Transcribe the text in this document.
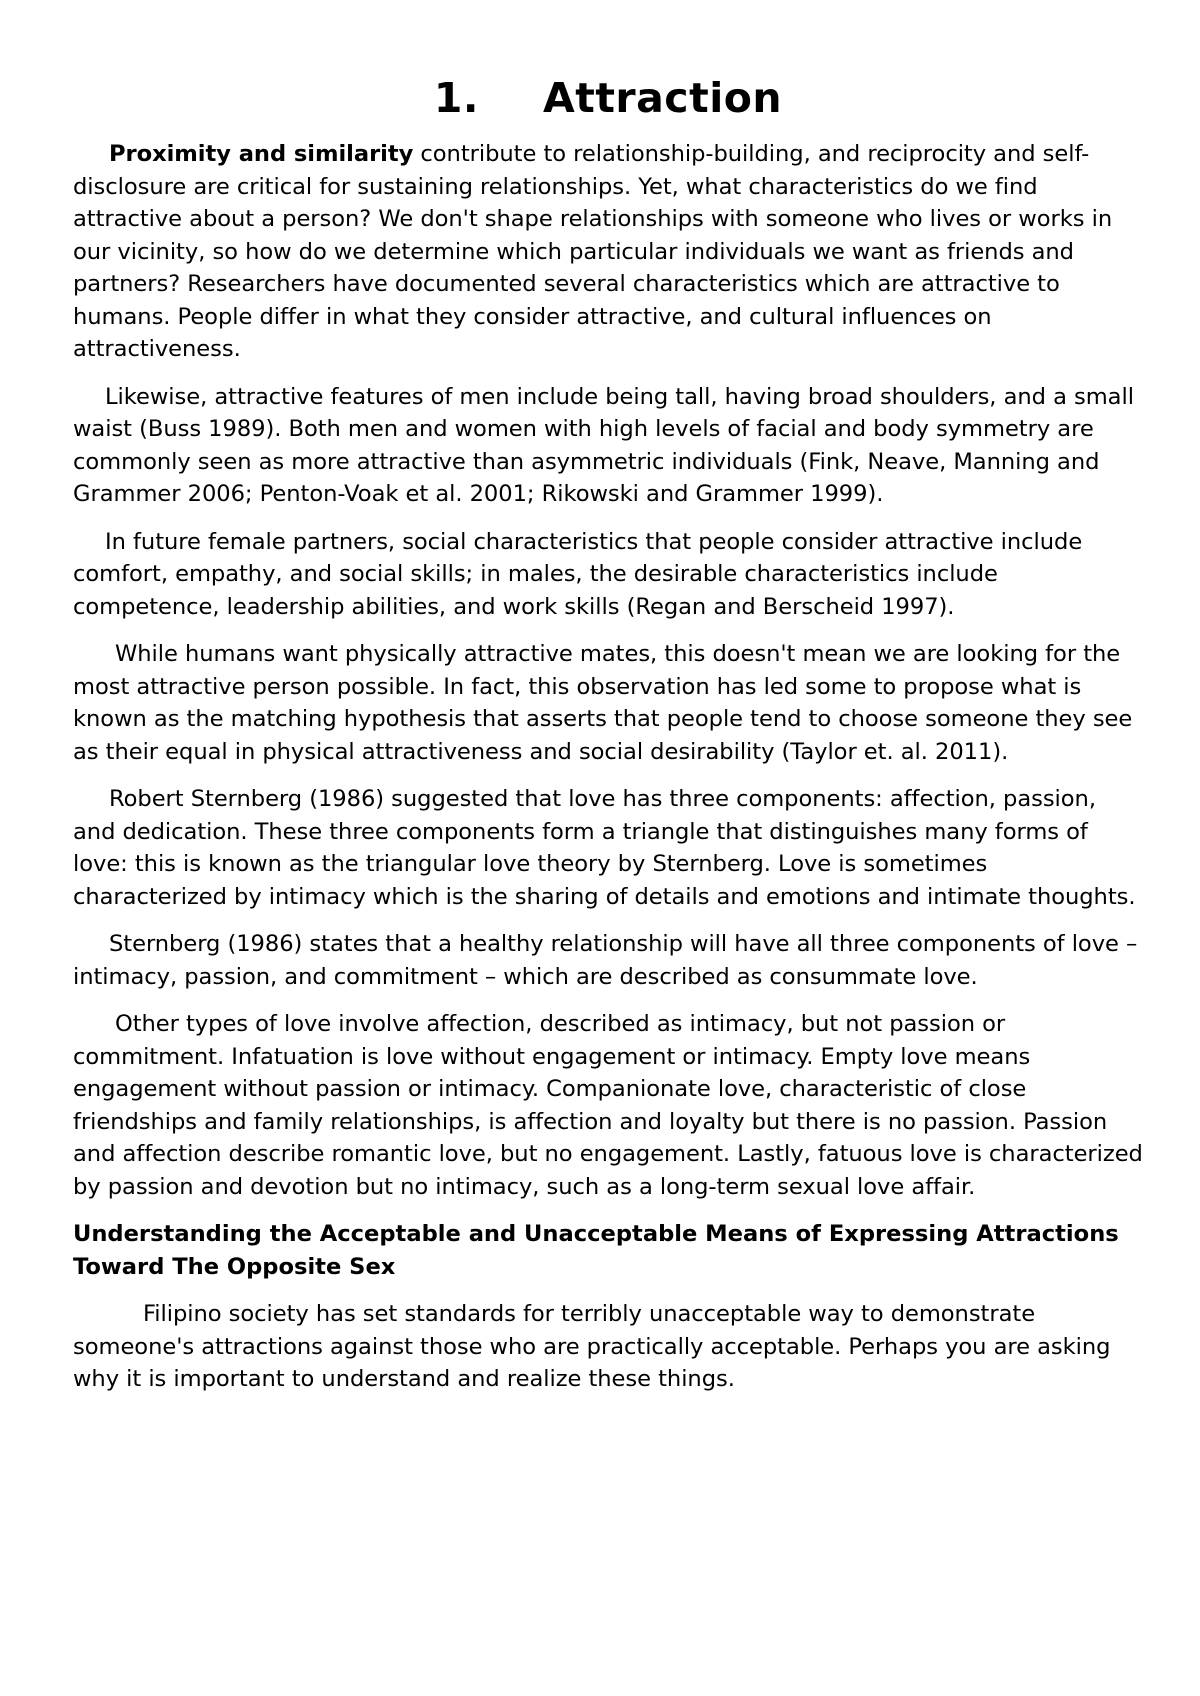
1. Attraction

Proximity and similarity contribute to relationship-building, and reciprocity and self-disclosure are critical for sustaining relationships. Yet, what characteristics do we find attractive about a person? We don't shape relationships with someone who lives or works in our vicinity, so how do we determine which particular individuals we want as friends and partners? Researchers have documented several characteristics which are attractive to humans. People differ in what they consider attractive, and cultural influences on attractiveness.

Likewise, attractive features of men include being tall, having broad shoulders, and a small waist (Buss 1989). Both men and women with high levels of facial and body symmetry are commonly seen as more attractive than asymmetric individuals (Fink, Neave, Manning and Grammer 2006; Penton-Voak et al. 2001; Rikowski and Grammer 1999).

In future female partners, social characteristics that people consider attractive include comfort, empathy, and social skills; in males, the desirable characteristics include competence, leadership abilities, and work skills (Regan and Berscheid 1997).

While humans want physically attractive mates, this doesn't mean we are looking for the most attractive person possible. In fact, this observation has led some to propose what is known as the matching hypothesis that asserts that people tend to choose someone they see as their equal in physical attractiveness and social desirability (Taylor et. al. 2011).

Robert Sternberg (1986) suggested that love has three components: affection, passion, and dedication. These three components form a triangle that distinguishes many forms of love: this is known as the triangular love theory by Sternberg. Love is sometimes characterized by intimacy which is the sharing of details and emotions and intimate thoughts.

Sternberg (1986) states that a healthy relationship will have all three components of love – intimacy, passion, and commitment – which are described as consummate love.

Other types of love involve affection, described as intimacy, but not passion or commitment. Infatuation is love without engagement or intimacy. Empty love means engagement without passion or intimacy. Companionate love, characteristic of close friendships and family relationships, is affection and loyalty but there is no passion. Passion and affection describe romantic love, but no engagement. Lastly, fatuous love is characterized by passion and devotion but no intimacy, such as a long-term sexual love affair.

Understanding the Acceptable and Unacceptable Means of Expressing Attractions Toward The Opposite Sex

Filipino society has set standards for terribly unacceptable way to demonstrate someone's attractions against those who are practically acceptable. Perhaps you are asking why it is important to understand and realize these things.
